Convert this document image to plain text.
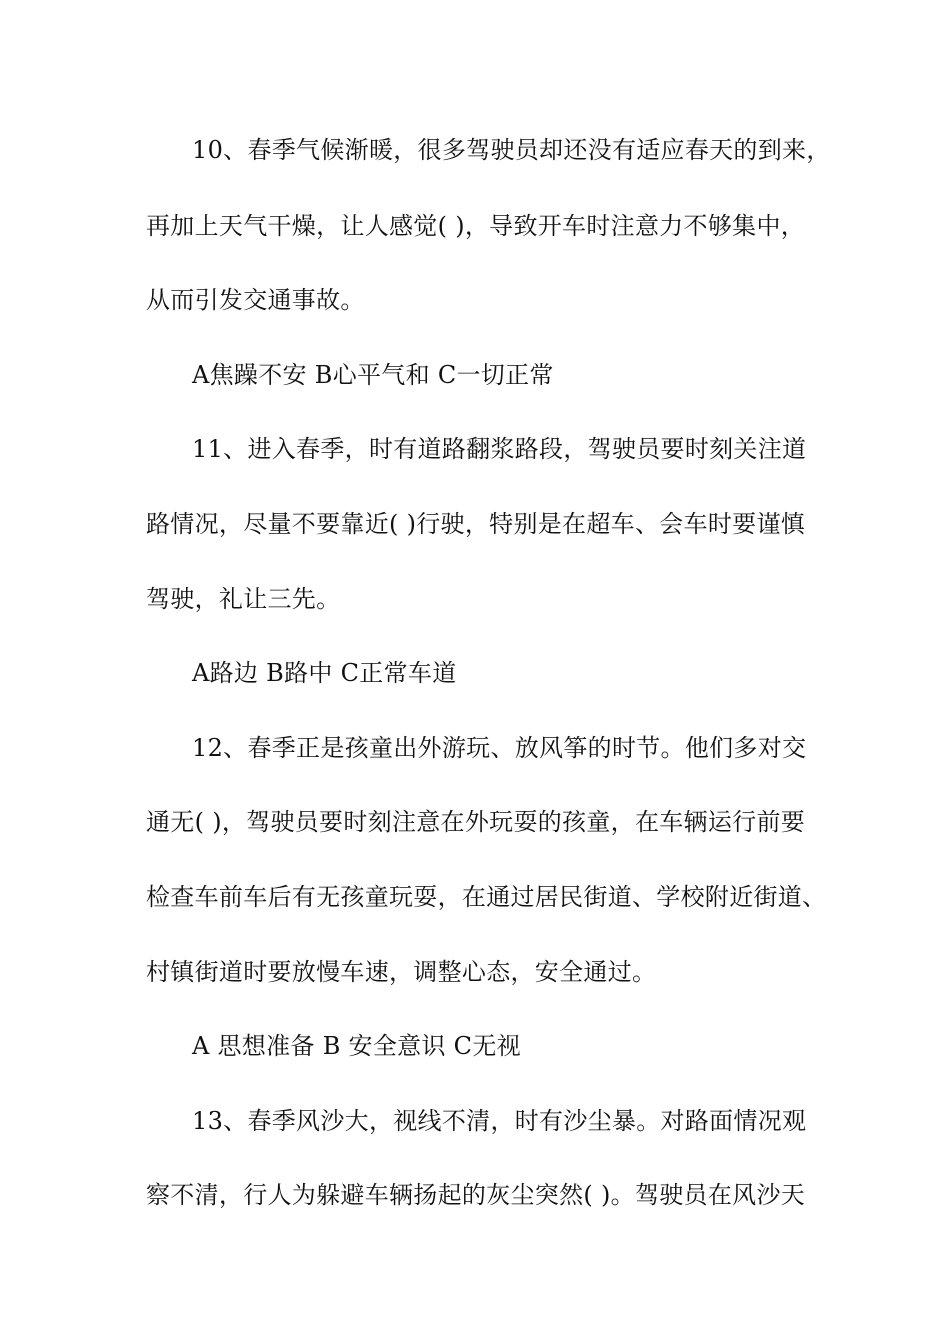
10、春季气候渐暖，很多驾驶员却还没有适应春天的到来，
再加上天气干燥，让人感觉( )，导致开车时注意力不够集中，
从而引发交通事故。
A焦躁不安 B心平气和 C一切正常
11、进入春季，时有道路翻浆路段，驾驶员要时刻关注道
路情况，尽量不要靠近( )行驶，特别是在超车、会车时要谨慎
驾驶，礼让三先。
A路边 B路中 C正常车道
12、春季正是孩童出外游玩、放风筝的时节。他们多对交
通无( )，驾驶员要时刻注意在外玩耍的孩童，在车辆运行前要
检查车前车后有无孩童玩耍，在通过居民街道、学校附近街道、
村镇街道时要放慢车速，调整心态，安全通过。
A 思想准备 B 安全意识 C无视
13、春季风沙大，视线不清，时有沙尘暴。对路面情况观
察不清，行人为躲避车辆扬起的灰尘突然( )。驾驶员在风沙天
